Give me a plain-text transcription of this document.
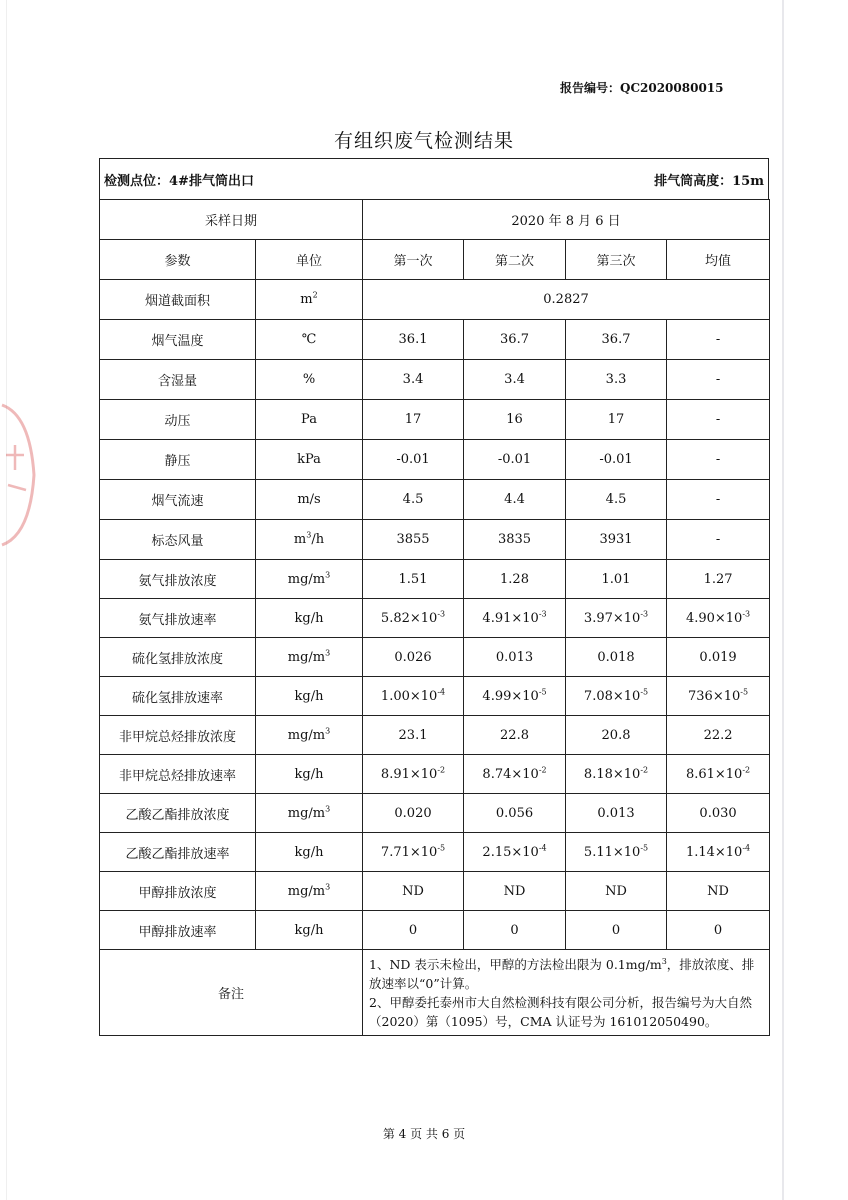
报告编号：QC2020080015
有组织废气检测结果
检测点位：4#排气筒出口	排气筒高度：15m
采样日期		2020 年 8 月 6 日			
参数	单位	第一次	第二次	第三次	均值
烟道截面积	$m^2$	0.2827			
烟气温度	℃	36.1	36.7	36.7	-
含湿量	%	3.4	3.4	3.3	-
动压	Pa	17	16	17	-
静压	kPa	-0.01	-0.01	-0.01	-
烟气流速	m/s	4.5	4.4	4.5	-
标态风量	$m^3/h$	3855	3835	3931	-
氨气排放浓度	$mg/m^3$	1.51	1.28	1.01	1.27
氨气排放速率	kg/h	$5.82\times 10^{-3}$	$4.91\times 10^{-3}$	$3.97\times 10^{-3}$	$4.90\times 10^{-3}$
硫化氢排放浓度	$mg/m^3$	0.026	0.013	0.018	0.019
硫化氢排放速率	kg/h	$1.00\times 10^{-4}$	$4.99\times 10^{-5}$	$7.08\times 10^{-5}$	$736\times 10^{-5}$
非甲烷总烃排放浓度	$mg/m^3$	23.1	22.8	20.8	22.2
非甲烷总烃排放速率	kg/h	$8.91\times 10^{-2}$	$8.74\times 10^{-2}$	$8.18\times 10^{-2}$	$8.61\times 10^{-2}$
乙酸乙酯排放浓度	$mg/m^3$	0.020	0.056	0.013	0.030
乙酸乙酯排放速率	kg/h	$7.71\times 10^{-5}$	$2.15\times 10^{-4}$	$5.11\times 10^{-5}$	$1.14\times 10^{-4}$
甲醇排放浓度	$mg/m^3$	ND	ND	ND	ND
甲醇排放速率	kg/h	0	0	0	0
备注		1、ND 表示未检出，甲醇的方法检出限为 $0.1mg/m^3$，排放浓度、排放速率以“0”计算。
2、甲醇委托泰州市大自然检测科技有限公司分析，报告编号为大自然（2020）第（1095）号，CMA 认证号为 161012050490。			
第 4 页 共 6 页
